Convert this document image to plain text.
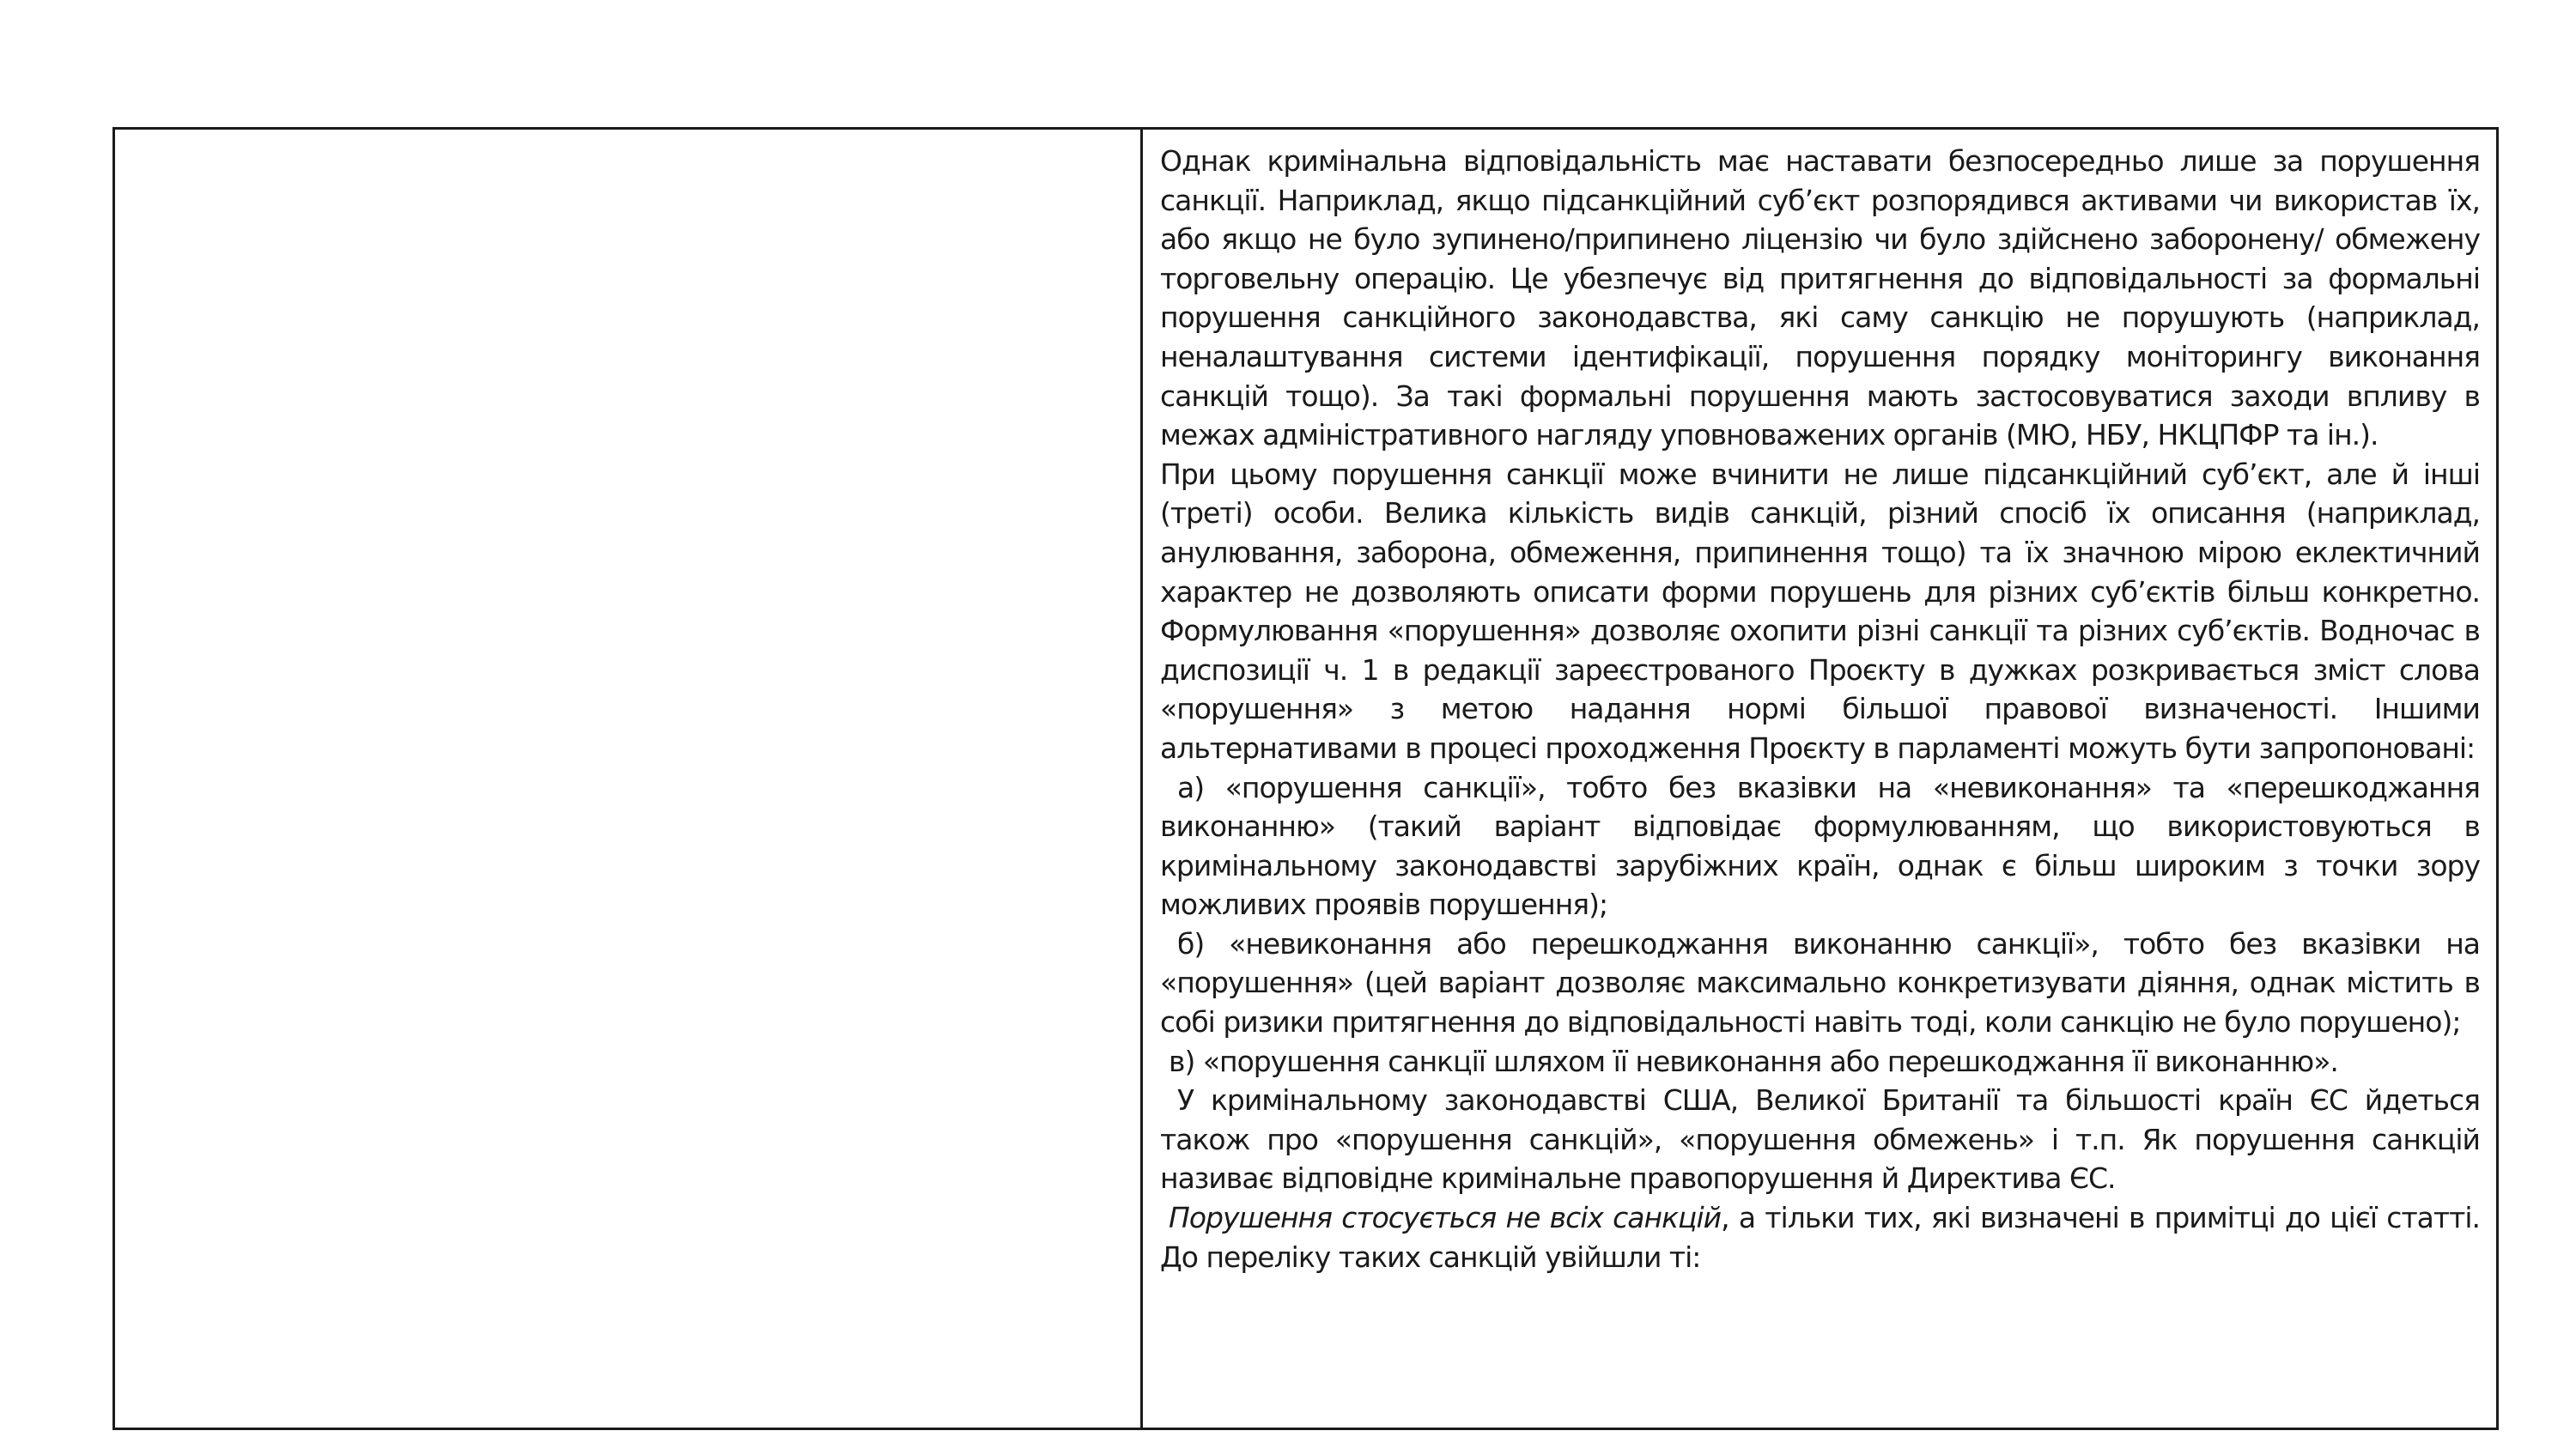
Однак кримінальна відповідальність має наставати безпосередньо лише за порушення санкції. Наприклад, якщо підсанкційний суб’єкт розпорядився активами чи використав їх, або якщо не було зупинено/припинено ліцензію чи було здійснено заборонену/ обмежену торговельну операцію. Це убезпечує від притягнення до відповідальності за формальні порушення санкційного законодавства, які саму санкцію не порушують (наприклад, неналаштування системи ідентифікації, порушення порядку моніторингу виконання санкцій тощо). За такі формальні порушення мають застосовуватися заходи впливу в межах адміністративного нагляду уповноважених органів (МЮ, НБУ, НКЦПФР та ін.).

При цьому порушення санкції може вчинити не лише підсанкційний суб’єкт, але й інші (треті) особи. Велика кількість видів санкцій, різний спосіб їх описання (наприклад, анулювання, заборона, обмеження, припинення тощо) та їх значною мірою еклектичний характер не дозволяють описати форми порушень для різних суб’єктів більш конкретно. Формулювання «порушення» дозволяє охопити різні санкції та різних суб’єктів. Водночас в диспозиції ч. 1 в редакції зареєстрованого Проєкту в дужках розкривається зміст слова «порушення» з метою надання нормі більшої правової визначеності. Іншими альтернативами в процесі проходження Проєкту в парламенті можуть бути запропоновані:

а) «порушення санкції», тобто без вказівки на «невиконання» та «перешкоджання виконанню» (такий варіант відповідає формулюванням, що використовуються в кримінальному законодавстві зарубіжних країн, однак є більш широким з точки зору можливих проявів порушення);

б) «невиконання або перешкоджання виконанню санкції», тобто без вказівки на «порушення» (цей варіант дозволяє максимально конкретизувати діяння, однак містить в собі ризики притягнення до відповідальності навіть тоді, коли санкцію не було порушено);

в) «порушення санкції шляхом її невиконання або перешкоджання її виконанню».

У кримінальному законодавстві США, Великої Британії та більшості країн ЄС йдеться також про «порушення санкцій», «порушення обмежень» і т.п. Як порушення санкцій називає відповідне кримінальне правопорушення й Директива ЄС.

Порушення стосується не всіх санкцій, а тільки тих, які визначені в примітці до цієї статті. До переліку таких санкцій увійшли ті:
